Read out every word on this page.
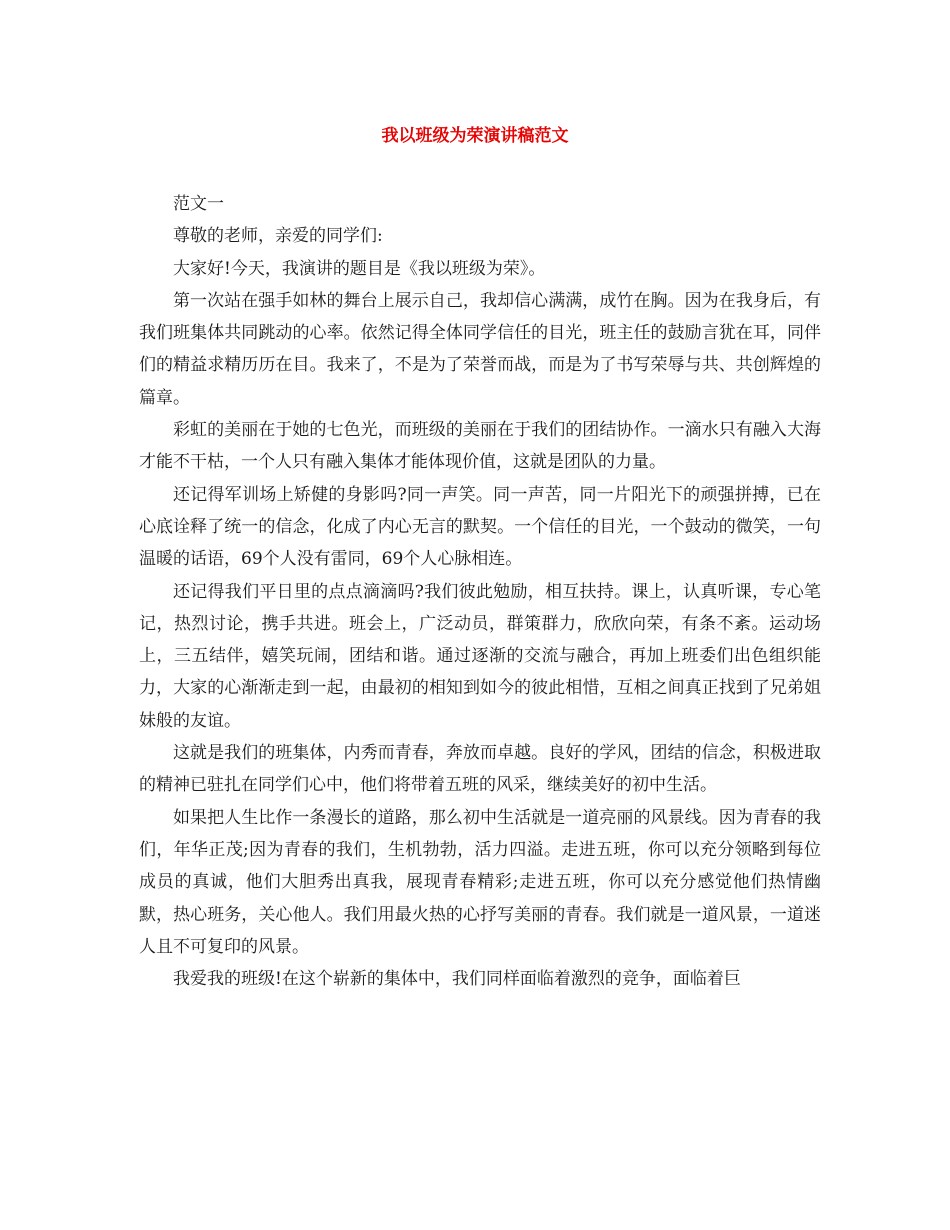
我以班级为荣演讲稿范文

范文一

尊敬的老师，亲爱的同学们:

大家好!今天，我演讲的题目是《我以班级为荣》。

第一次站在强手如林的舞台上展示自己，我却信心满满，成竹在胸。因为在我身后，有我们班集体共同跳动的心率。依然记得全体同学信任的目光，班主任的鼓励言犹在耳，同伴们的精益求精历历在目。我来了，不是为了荣誉而战，而是为了书写荣辱与共、共创辉煌的篇章。

彩虹的美丽在于她的七色光，而班级的美丽在于我们的团结协作。一滴水只有融入大海才能不干枯，一个人只有融入集体才能体现价值，这就是团队的力量。

还记得军训场上矫健的身影吗?同一声笑。同一声苦，同一片阳光下的顽强拼搏，已在心底诠释了统一的信念，化成了内心无言的默契。一个信任的目光，一个鼓动的微笑，一句温暖的话语，69个人没有雷同，69个人心脉相连。

还记得我们平日里的点点滴滴吗?我们彼此勉励，相互扶持。课上，认真听课，专心笔记，热烈讨论，携手共进。班会上，广泛动员，群策群力，欣欣向荣，有条不紊。运动场上，三五结伴，嬉笑玩闹，团结和谐。通过逐渐的交流与融合，再加上班委们出色组织能力，大家的心渐渐走到一起，由最初的相知到如今的彼此相惜，互相之间真正找到了兄弟姐妹般的友谊。

这就是我们的班集体，内秀而青春，奔放而卓越。良好的学风，团结的信念，积极进取的精神已驻扎在同学们心中，他们将带着五班的风采，继续美好的初中生活。

如果把人生比作一条漫长的道路，那么初中生活就是一道亮丽的风景线。因为青春的我们，年华正茂;因为青春的我们，生机勃勃，活力四溢。走进五班，你可以充分领略到每位成员的真诚，他们大胆秀出真我，展现青春精彩;走进五班，你可以充分感觉他们热情幽默，热心班务，关心他人。我们用最火热的心抒写美丽的青春。我们就是一道风景，一道迷人且不可复印的风景。

我爱我的班级!在这个崭新的集体中，我们同样面临着激烈的竞争，面临着巨
